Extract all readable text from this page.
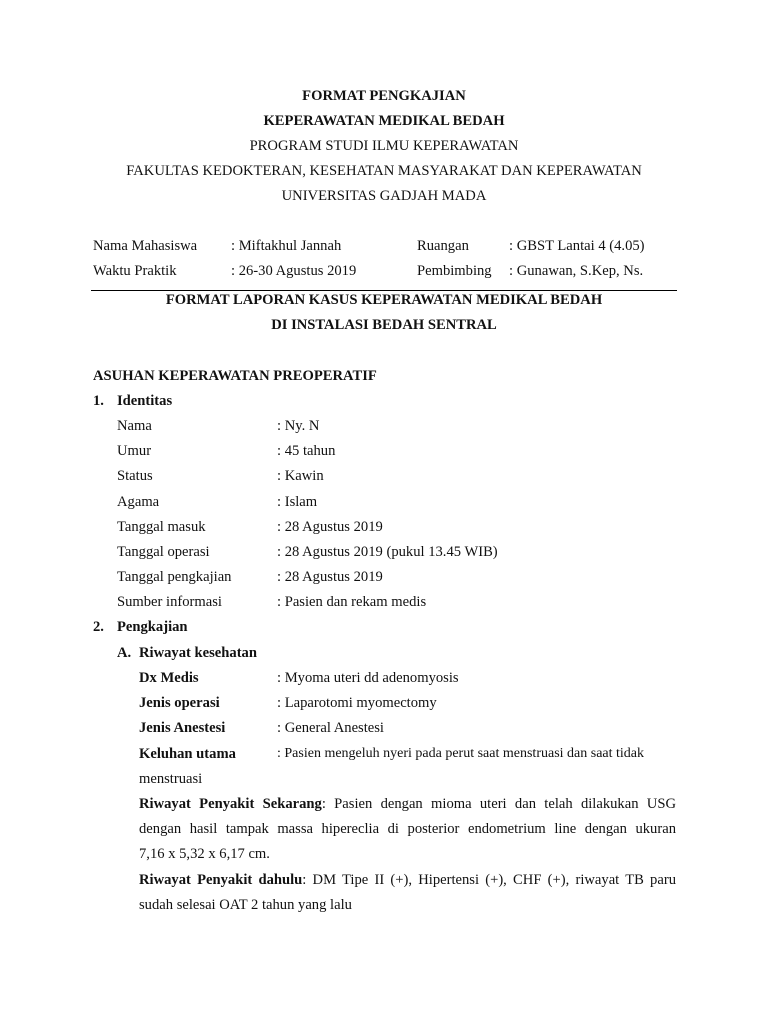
FORMAT PENGKAJIAN
KEPERAWATAN MEDIKAL BEDAH
PROGRAM STUDI ILMU KEPERAWATAN
FAKULTAS KEDOKTERAN, KESEHATAN MASYARAKAT DAN KEPERAWATAN
UNIVERSITAS GADJAH MADA
Nama Mahasiswa : Miftakhul Jannah	Ruangan	: GBST Lantai 4 (4.05)
Waktu Praktik	: 26-30 Agustus 2019	Pembimbing : Gunawan, S.Kep, Ns.
FORMAT LAPORAN KASUS KEPERAWATAN MEDIKAL BEDAH
DI INSTALASI BEDAH SENTRAL
ASUHAN KEPERAWATAN PREOPERATIF
1. Identitas
Nama	: Ny. N
Umur	: 45 tahun
Status	: Kawin
Agama	: Islam
Tanggal masuk	: 28 Agustus 2019
Tanggal operasi	: 28 Agustus 2019 (pukul 13.45 WIB)
Tanggal pengkajian	: 28 Agustus 2019
Sumber informasi	: Pasien dan rekam medis
2. Pengkajian
A. Riwayat kesehatan
Dx Medis	: Myoma uteri dd adenomyosis
Jenis operasi	: Laparotomi myomectomy
Jenis Anestesi	: General Anestesi
Keluhan utama	: Pasien mengeluh nyeri pada perut saat menstruasi dan saat tidak
menstruasi
Riwayat Penyakit Sekarang: Pasien dengan mioma uteri dan telah dilakukan USG
dengan hasil tampak massa hipereclia di posterior endometrium line dengan ukuran
7,16 x 5,32 x 6,17 cm.
Riwayat Penyakit dahulu: DM Tipe II (+), Hipertensi (+), CHF (+), riwayat TB paru
sudah selesai OAT 2 tahun yang lalu
